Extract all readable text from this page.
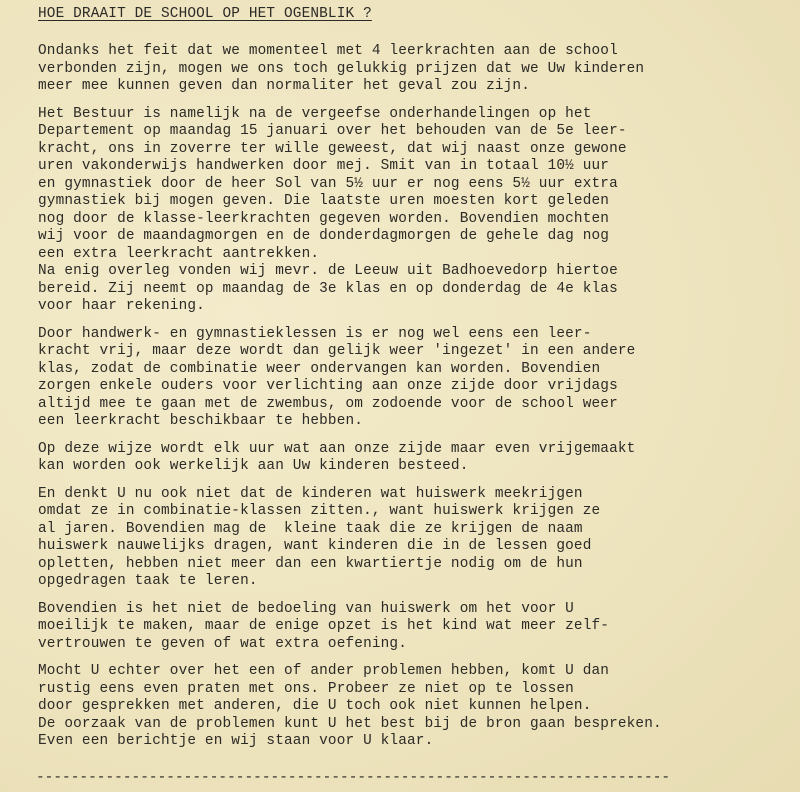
HOE DRAAIT DE SCHOOL OP HET OGENBLIK ?
Ondanks het feit dat we momenteel met 4 leerkrachten aan de school
verbonden zijn, mogen we ons toch gelukkig prijzen dat we Uw kinderen
meer mee kunnen geven dan normaliter het geval zou zijn.
Het Bestuur is namelijk na de vergeefse onderhandelingen op het
Departement op maandag 15 januari over het behouden van de 5e leer-
kracht, ons in zoverre ter wille geweest, dat wij naast onze gewone
uren vakonderwijs handwerken door mej. Smit van in totaal 10½ uur
en gymnastiek door de heer Sol van 5½ uur er nog eens 5½ uur extra
gymnastiek bij mogen geven. Die laatste uren moesten kort geleden
nog door de klasse-leerkrachten gegeven worden. Bovendien mochten
wij voor de maandagmorgen en de donderdagmorgen de gehele dag nog
een extra leerkracht aantrekken.
Na enig overleg vonden wij mevr. de Leeuw uit Badhoevedorp hiertoe
bereid. Zij neemt op maandag de 3e klas en op donderdag de 4e klas
voor haar rekening.
Door handwerk- en gymnastieklessen is er nog wel eens een leer-
kracht vrij, maar deze wordt dan gelijk weer 'ingezet' in een andere
klas, zodat de combinatie weer ondervangen kan worden. Bovendien
zorgen enkele ouders voor verlichting aan onze zijde door vrijdags
altijd mee te gaan met de zwembus, om zodoende voor de school weer
een leerkracht beschikbaar te hebben.
Op deze wijze wordt elk uur wat aan onze zijde maar even vrijgemaakt
kan worden ook werkelijk aan Uw kinderen besteed.
En denkt U nu ook niet dat de kinderen wat huiswerk meekrijgen
omdat ze in combinatie-klassen zitten., want huiswerk krijgen ze
al jaren. Bovendien mag de  kleine taak die ze krijgen de naam
huiswerk nauwelijks dragen, want kinderen die in de lessen goed
opletten, hebben niet meer dan een kwartiertje nodig om de hun
opgedragen taak te leren.
Bovendien is het niet de bedoeling van huiswerk om het voor U
moeilijk te maken, maar de enige opzet is het kind wat meer zelf-
vertrouwen te geven of wat extra oefening.
Mocht U echter over het een of ander problemen hebben, komt U dan
rustig eens even praten met ons. Probeer ze niet op te lossen
door gesprekken met anderen, die U toch ook niet kunnen helpen.
De oorzaak van de problemen kunt U het best bij de bron gaan bespreken.
Even een berichtje en wij staan voor U klaar.
-------------------------------------------------------------------------
